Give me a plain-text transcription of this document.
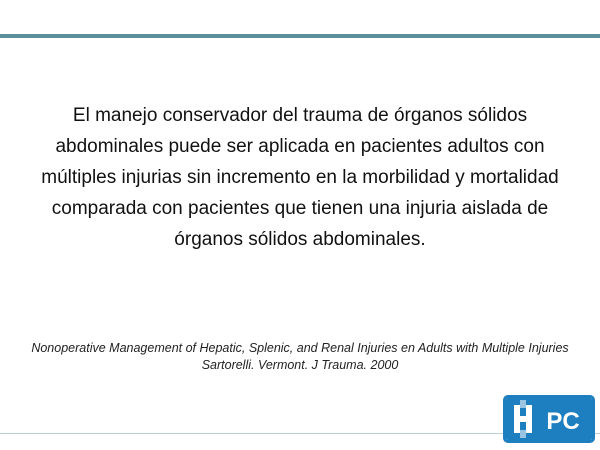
El manejo conservador del trauma de órganos sólidos abdominales puede ser aplicada en pacientes adultos con múltiples injurias sin incremento en la morbilidad y mortalidad comparada con pacientes que tienen una injuria aislada de órganos sólidos abdominales.

Nonoperative Management of Hepatic, Splenic, and Renal Injuries en Adults with Multiple Injuries
Sartorelli. Vermont. J Trauma. 2000

PC
